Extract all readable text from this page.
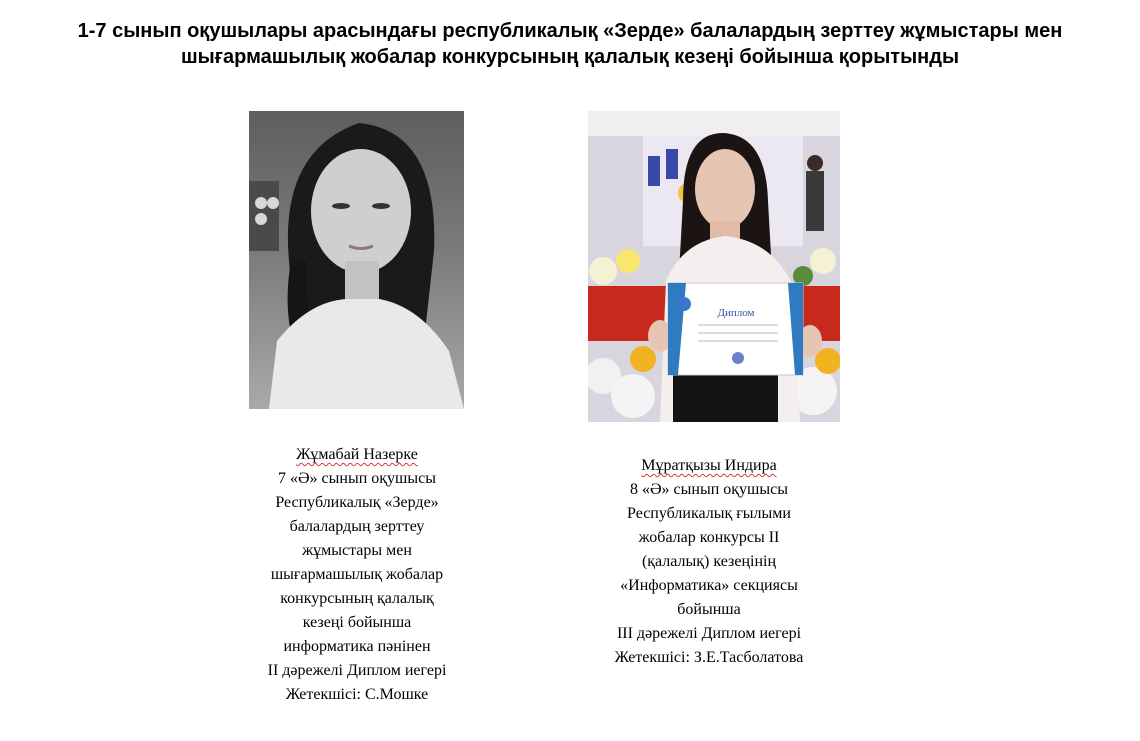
1-7 сынып оқушылары арасындағы республикалық «Зерде» балалардың зерттеу жұмыстары мен
шығармашылық жобалар конкурсының қалалық кезеңі бойынша қорытынды
Диплом
Жұмабай Назерке
7 «Ә» сынып оқушысы
Республикалық «Зерде»
балалардың зерттеу
жұмыстары мен
шығармашылық жобалар
конкурсының қалалық
кезеңі бойынша
информатика пәнінен
II дәрежелі Диплом иегері
Жетекшісі: С.Мошке
Мұратқызы Индира
8 «Ә» сынып оқушысы
Республикалық ғылыми
жобалар конкурсы II
(қалалық) кезеңінің
«Информатика» секциясы
бойынша
III дәрежелі Диплом иегері
Жетекшісі: З.Е.Тасболатова
